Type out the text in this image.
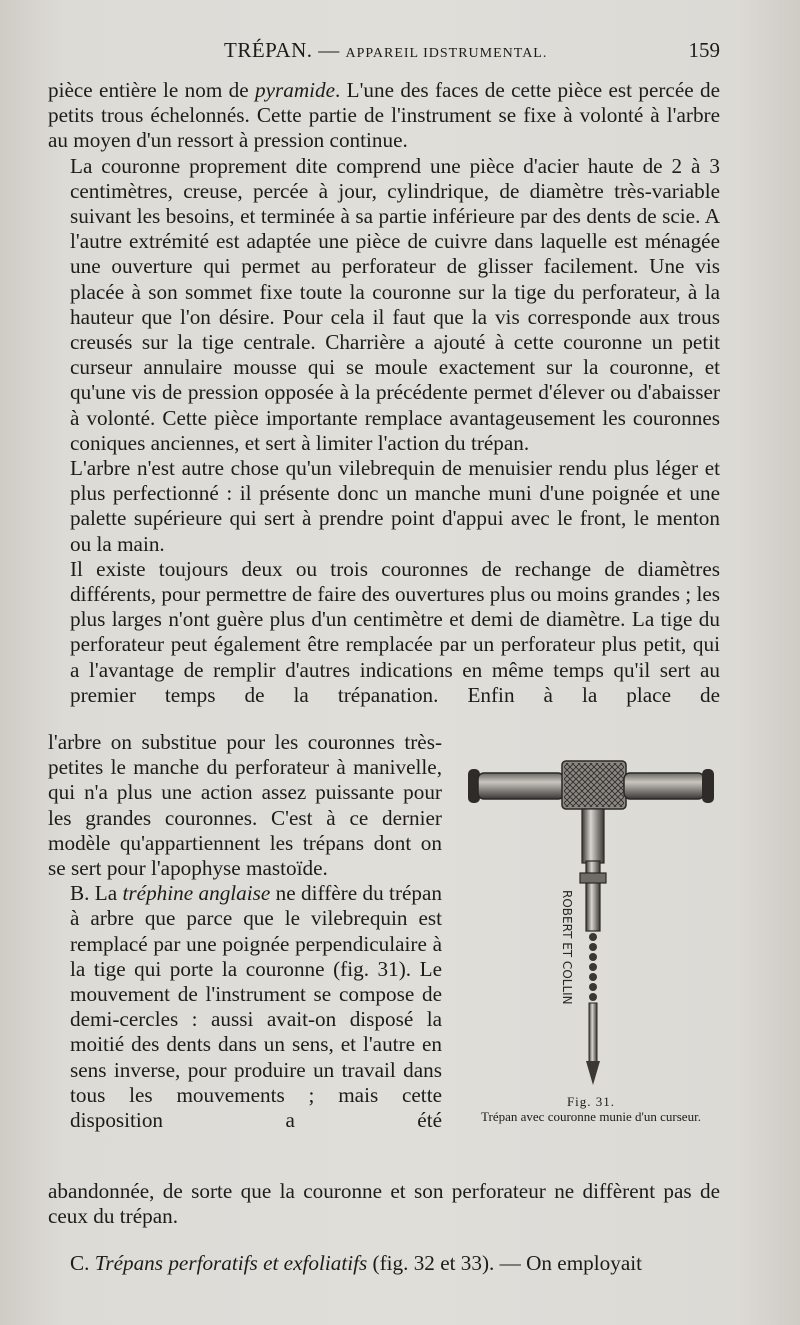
TRÉPAN. — APPAREIL IDSTRUMENTAL.	159

pièce entière le nom de pyramide. L'une des faces de cette pièce est percée de petits trous échelonnés. Cette partie de l'instrument se fixe à volonté à l'arbre au moyen d'un ressort à pression continue.

La couronne proprement dite comprend une pièce d'acier haute de 2 à 3 centimètres, creuse, percée à jour, cylindrique, de diamètre très-variable suivant les besoins, et terminée à sa partie inférieure par des dents de scie. A l'autre extrémité est adaptée une pièce de cuivre dans laquelle est ménagée une ouverture qui permet au perforateur de glisser facilement. Une vis placée à son sommet fixe toute la couronne sur la tige du perforateur, à la hauteur que l'on désire. Pour cela il faut que la vis corresponde aux trous creusés sur la tige centrale. Charrière a ajouté à cette couronne un petit curseur annulaire mousse qui se moule exactement sur la couronne, et qu'une vis de pression opposée à la précédente permet d'élever ou d'abaisser à volonté. Cette pièce importante remplace avantageusement les couronnes coniques anciennes, et sert à limiter l'action du trépan.

L'arbre n'est autre chose qu'un vilebrequin de menuisier rendu plus léger et plus perfectionné : il présente donc un manche muni d'une poignée et une palette supérieure qui sert à prendre point d'appui avec le front, le menton ou la main.

Il existe toujours deux ou trois couronnes de rechange de diamètres différents, pour permettre de faire des ouvertures plus ou moins grandes ; les plus larges n'ont guère plus d'un centimètre et demi de diamètre. La tige du perforateur peut également être remplacée par un perforateur plus petit, qui a l'avantage de remplir d'autres indications en même temps qu'il sert au premier temps de la trépanation. Enfin à la place de

l'arbre on substitue pour les couronnes très-petites le manche du perforateur à manivelle, qui n'a plus une action assez puissante pour les grandes couronnes. C'est à ce dernier modèle qu'appartiennent les trépans dont on se sert pour l'apophyse mastoïde.

B. La tréphine anglaise ne diffère du trépan à arbre que parce que le vilebrequin est remplacé par une poignée perpendiculaire à la tige qui porte la couronne (fig. 31). Le mouvement de l'instrument se compose de demi-cercles : aussi avait-on disposé la moitié des dents dans un sens, et l'autre en sens inverse, pour produire un travail dans tous les mouvements ; mais cette disposition a été

abandonnée, de sorte que la couronne et son perforateur ne diffèrent pas de ceux du trépan.

C. Trépans perforatifs et exfoliatifs (fig. 32 et 33). — On employait

ROBERT ET COLLIN
Fig. 31.
Trépan avec couronne munie d'un curseur.
